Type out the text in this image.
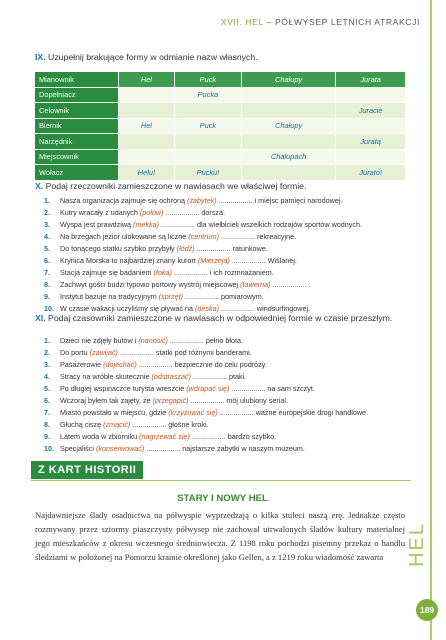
XVII. HEL – PÓŁWYSEP LETNICH ATRAKCJI
IX. Uzupełnij brakujące formy w odmianie nazw własnych.
Mianownik	Hel	Puck	Chałupy	Jurata
Dopełniacz		Pucka		
Celownik				Juracie
Biernik	Hel	Puck	Chałupy	
Narzędnik				Juratą
Miejscownik			Chałupach	
Wołacz	Helu!	Pucku!		Jurato!
X. Podaj rzeczowniki zamieszczone w nawiasach we właściwej formie.
1. Nasza organizacja zajmuje się ochroną (zabytek) ................. i miejsc pamięci narodowej.
2. Kutry wracały z udanych (połów) ................. dorsza.
3. Wyspa jest prawdziwą (mekka) ................. dla wielbicieli wszelkich rodzajów sportów wodnych.
4. Na brzegach jezior ulokowane są liczne (centrum) ................. rekreacyjne.
5. Do tonącego statku szybko przybyły (łódź) ................. ratunkowe.
6. Krynica Morska to najbardziej znany kurort (Mierzeja) ................. Wiślanej.
7. Stacja zajmuje się badaniem (foka) ................. i ich rozmnażaniem.
8. Zachwyt gości budzi typowo portowy wystrój miejscowej (tawerna) ................. .
9. Instytut bazuje na tradycyjnym (sprzęt) ................. pomiarowym.
10. W czasie wakacji uczyliśmy się pływać na (deska) ................. windsurfingowej.
XI. Podaj czasowniki zamieszczone w nawiasach w odpowiedniej formie w czasie przeszłym.
1. Dzieci nie zdjęły butów i (nanosić) ................. pełno błota.
2. Do portu (zawijać) ................. statki pod różnymi banderami.
3. Pasażerowie (dojechać) ................. bezpiecznie do celu podróży.
4. Stracy na wróble skutecznie (odstraszać) ................. ptaki.
5. Po długiej wspinaczce turysta wreszcie (wdrapać się) ................. na sam szczyt.
6. Wczoraj byłem tak zajęty, że (przegapić) ................. mój ulubiony serial.
7. Miasto powstało w miejscu, gdzie (krzyżować się) ................. ważne europejskie drogi handlowe.
8. Głuchą ciszę (zmącić) ................. głośne kroki.
9. Latem woda w zbiorniku (nagrzewać się) ................. bardzo szybko.
10. Specjaliści (konserwować) ................. najstarsze zabytki w naszym muzeum.
Z KART HISTORII
STARY I NOWY HEL
Najdawniejsze ślady osadnictwa na półwyspie wyprzedzają o kilka stuleci naszą erę. Jednakże często rozmywany przez sztormy piaszczysty półwysep nie zachował utrwalonych śladów kultury materialnej jego mieszkańców z okresu wczesnego średniowiecza. Z 1198 roku pochodzi pisemny przekaz o handlu śledziami w położonej na Pomorzu krainie określonej jako Gellen, a z 1219 roku wiadomość zawarta	HEL
189
